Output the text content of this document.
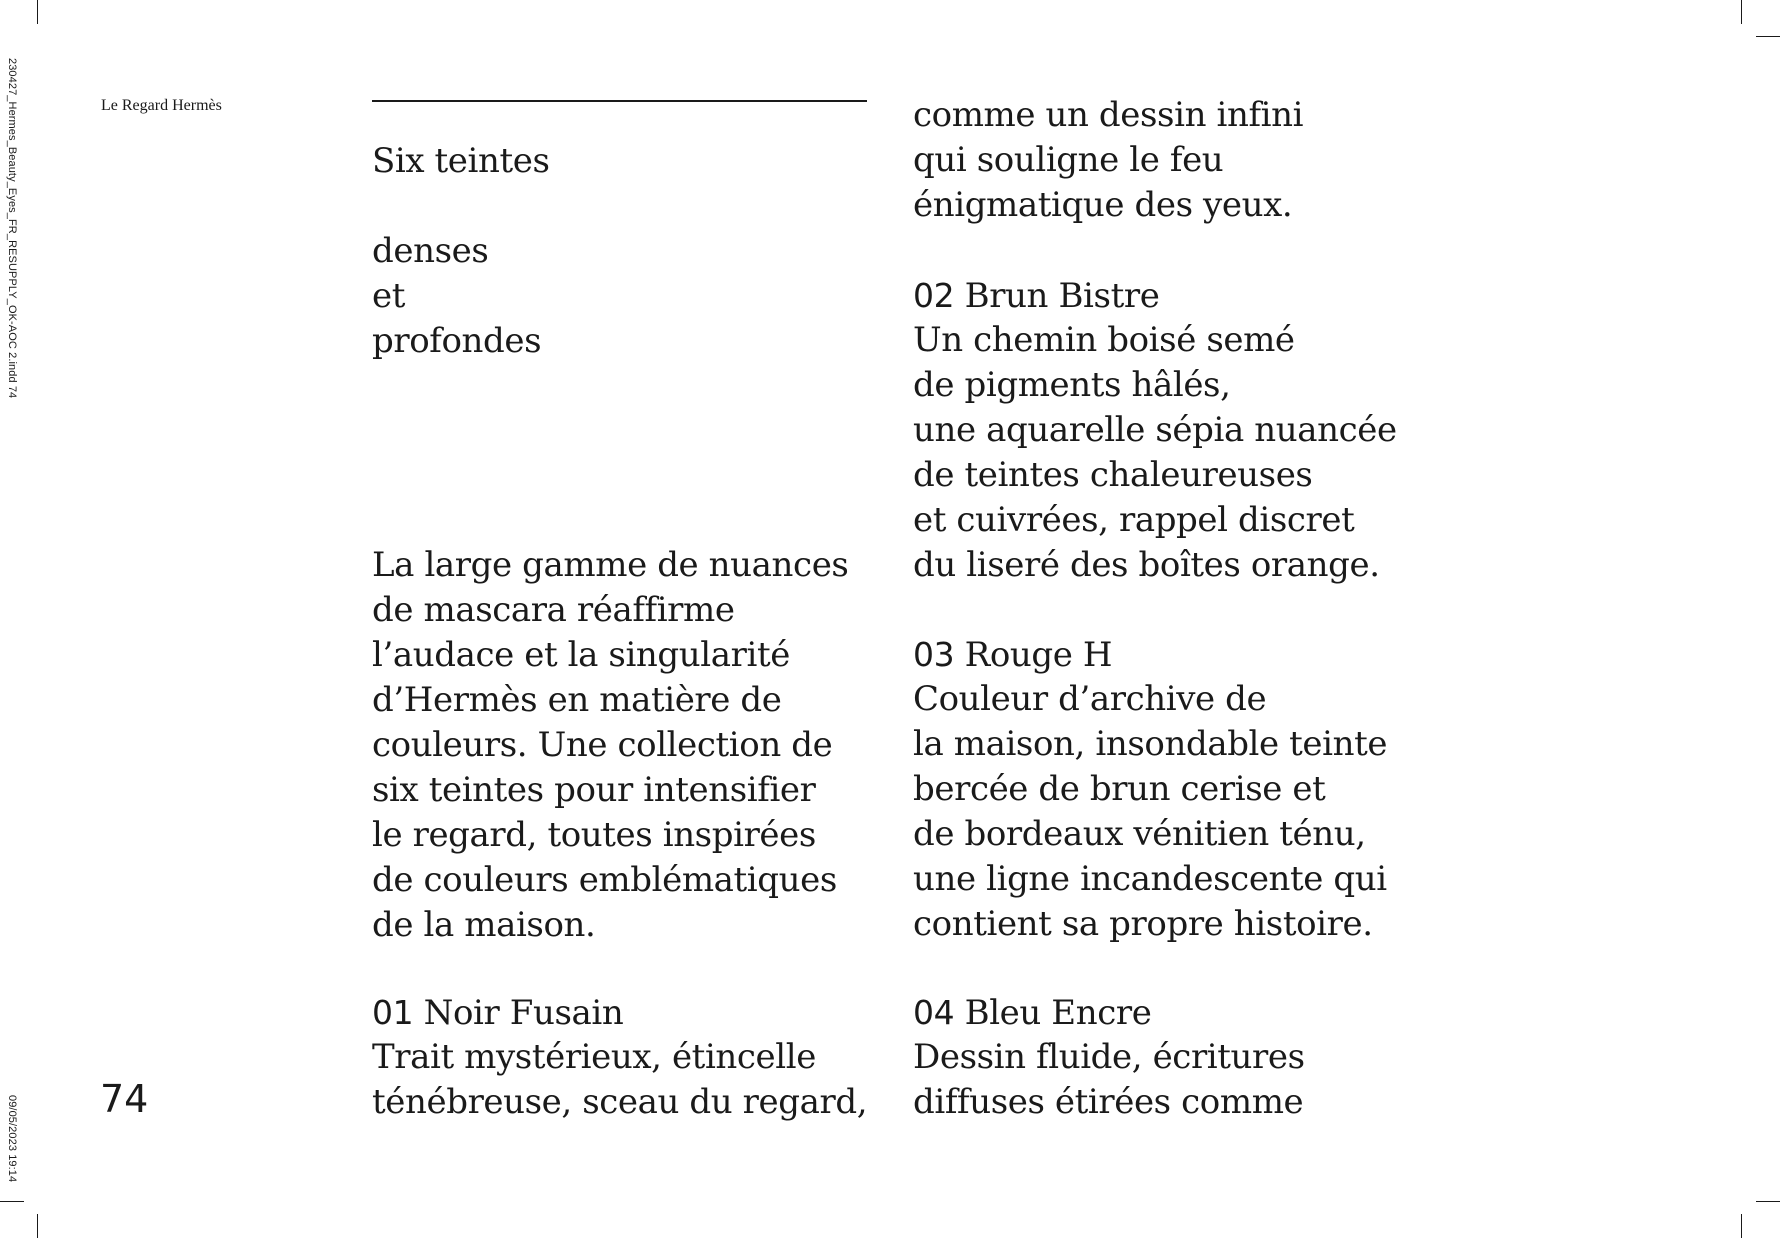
230427_Hermes_Beauty_Eyes_FR_RESUPPLY_OK-AOC 2.indd 74
09/05/2023 19:14
Le Regard Hermès
74
Six teintes
denses
et
profondes
La large gamme de nuances
de mascara réaffirme
l’audace et la singularité
d’Hermès en matière de
couleurs. Une collection de
six teintes pour intensifier
le regard, toutes inspirées
de couleurs emblématiques
de la maison.
01 Noir Fusain
Trait mystérieux, étincelle
ténébreuse, sceau du regard,
comme un dessin infini
qui souligne le feu
énigmatique des yeux.
02 Brun Bistre
Un chemin boisé semé
de pigments hâlés,
une aquarelle sépia nuancée
de teintes chaleureuses
et cuivrées, rappel discret
du liseré des boîtes orange.
03 Rouge H
Couleur d’archive de
la maison, insondable teinte
bercée de brun cerise et
de bordeaux vénitien ténu,
une ligne incandescente qui
contient sa propre histoire.
04 Bleu Encre
Dessin fluide, écritures
diffuses étirées comme
